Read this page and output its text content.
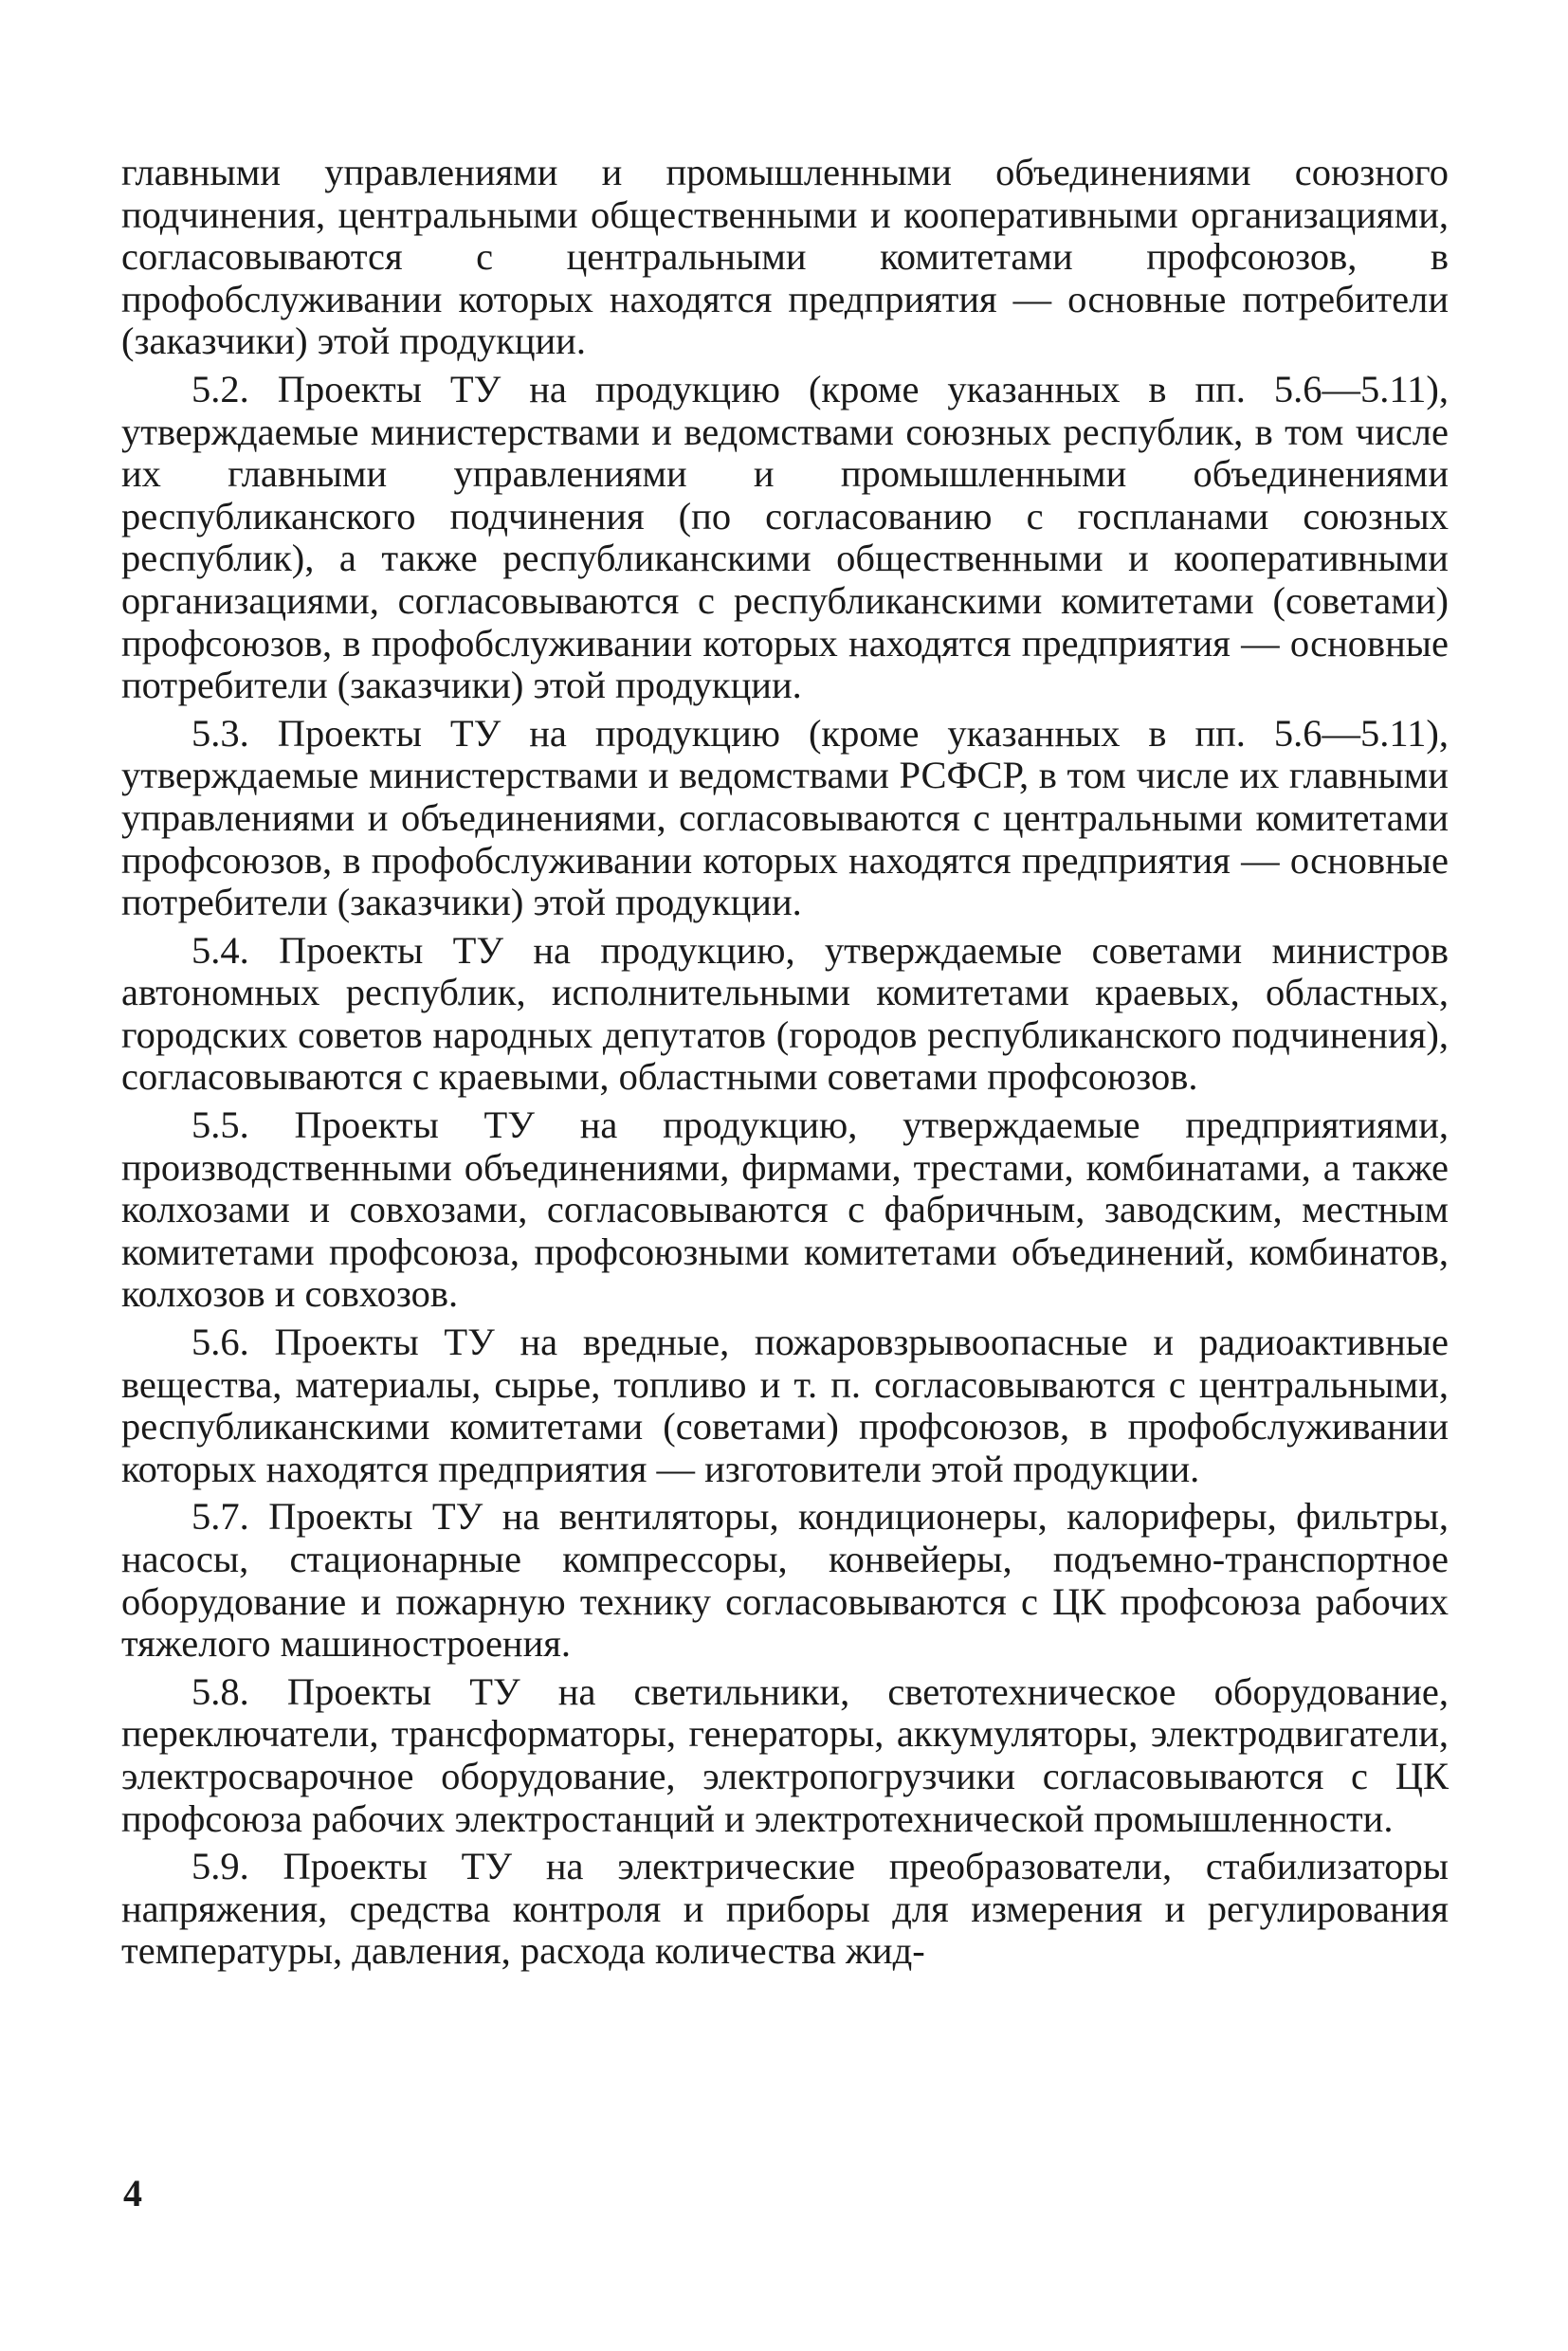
главными управлениями и промышленными объединениями союзного подчинения, центральными общественными и кооперативными организациями, согласовываются с центральными комитетами профсоюзов, в профобслуживании которых находятся предприятия — основные потребители (заказчики) этой продукции.

5.2. Проекты ТУ на продукцию (кроме указанных в пп. 5.6—5.11), утверждаемые министерствами и ведомствами союзных республик, в том числе их главными управлениями и промышленными объединениями республиканского подчинения (по согласованию с госпланами союзных республик), а также республиканскими общественными и кооперативными организациями, согласовываются с республиканскими комитетами (советами) профсоюзов, в профобслуживании которых находятся предприятия — основные потребители (заказчики) этой продукции.

5.3. Проекты ТУ на продукцию (кроме указанных в пп. 5.6—5.11), утверждаемые министерствами и ведомствами РСФСР, в том числе их главными управлениями и объединениями, согласовываются с центральными комитетами профсоюзов, в профобслуживании которых находятся предприятия — основные потребители (заказчики) этой продукции.

5.4. Проекты ТУ на продукцию, утверждаемые советами министров автономных республик, исполнительными комитетами краевых, областных, городских советов народных депутатов (городов республиканского подчинения), согласовываются с краевыми, областными советами профсоюзов.

5.5. Проекты ТУ на продукцию, утверждаемые предприятиями, производственными объединениями, фирмами, трестами, комбинатами, а также колхозами и совхозами, согласовываются с фабричным, заводским, местным комитетами профсоюза, профсоюзными комитетами объединений, комбинатов, колхозов и совхозов.

5.6. Проекты ТУ на вредные, пожаровзрывоопасные и радиоактивные вещества, материалы, сырье, топливо и т. п. согласовываются с центральными, республиканскими комитетами (советами) профсоюзов, в профобслуживании которых находятся предприятия — изготовители этой продукции.

5.7. Проекты ТУ на вентиляторы, кондиционеры, калориферы, фильтры, насосы, стационарные компрессоры, конвейеры, подъемно-транспортное оборудование и пожарную технику согласовываются с ЦК профсоюза рабочих тяжелого машиностроения.

5.8. Проекты ТУ на светильники, светотехническое оборудование, переключатели, трансформаторы, генераторы, аккумуляторы, электродвигатели, электросварочное оборудование, электропогрузчики согласовываются с ЦК профсоюза рабочих электростанций и электротехнической промышленности.

5.9. Проекты ТУ на электрические преобразователи, стабилизаторы напряжения, средства контроля и приборы для измерения и регулирования температуры, давления, расхода количества жид-

4
